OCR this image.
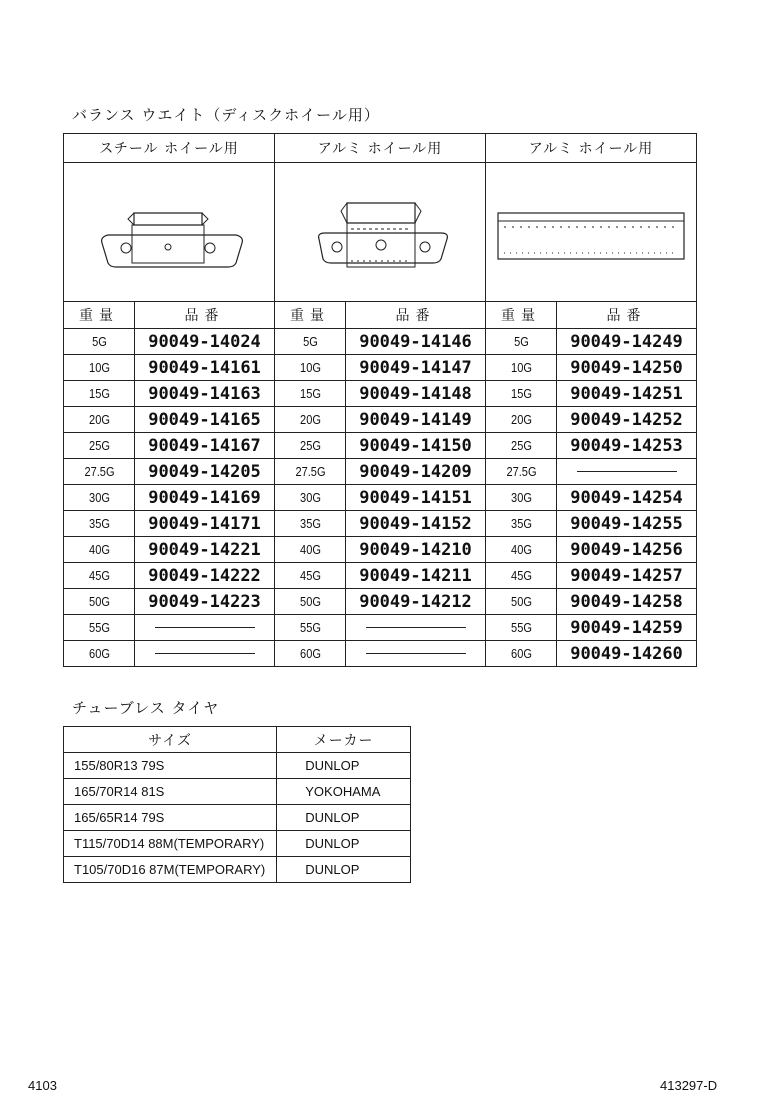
バランス ウエイト（ディスクホイール用）
スチール ホイール用		アルミ ホイール用		アルミ ホイール用	

重量	品番	重量	品番	重量	品番
5G	90049-14024	5G	90049-14146	5G	90049-14249
10G	90049-14161	10G	90049-14147	10G	90049-14250
15G	90049-14163	15G	90049-14148	15G	90049-14251
20G	90049-14165	20G	90049-14149	20G	90049-14252
25G	90049-14167	25G	90049-14150	25G	90049-14253
27.5G	90049-14205	27.5G	90049-14209	27.5G	
30G	90049-14169	30G	90049-14151	30G	90049-14254
35G	90049-14171	35G	90049-14152	35G	90049-14255
40G	90049-14221	40G	90049-14210	40G	90049-14256
45G	90049-14222	45G	90049-14211	45G	90049-14257
50G	90049-14223	50G	90049-14212	50G	90049-14258
55G		55G		55G	90049-14259
60G		60G		60G	90049-14260
チューブレス タイヤ
サイズ	メーカー
155/80R13 79S	DUNLOP
165/70R14 81S	YOKOHAMA
165/65R14 79S	DUNLOP
T115/70D14 88M(TEMPORARY)	DUNLOP
T105/70D16 87M(TEMPORARY)	DUNLOP
4103	413297-D
